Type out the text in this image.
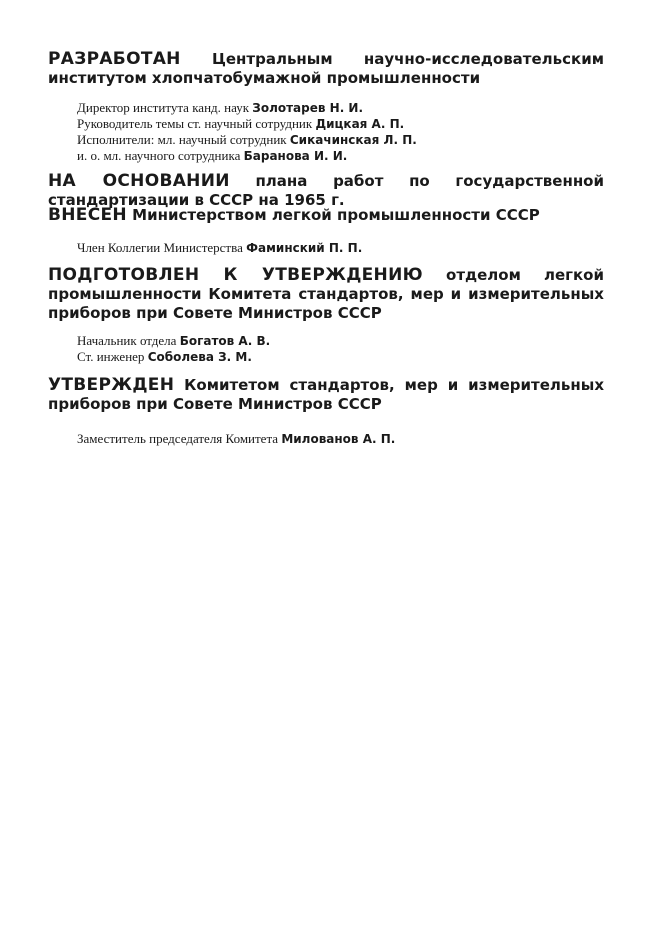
РАЗРАБОТАН Центральным научно-исследовательским институтом хлопчатобумажной промышленности

Директор института канд. наук Золотарев Н. И.
Руководитель темы ст. научный сотрудник Дицкая А. П.
Исполнители: мл. научный сотрудник Сикачинская Л. П.
и. о. мл. научного сотрудника Баранова И. И.

НА ОСНОВАНИИ плана работ по государственной стандартизации в СССР на 1965 г.

ВНЕСЕН Министерством легкой промышленности СССР

Член Коллегии Министерства Фаминский П. П.

ПОДГОТОВЛЕН К УТВЕРЖДЕНИЮ отделом легкой промышленности Комитета стандартов, мер и измерительных приборов при Совете Министров СССР

Начальник отдела Богатов А. В.
Ст. инженер Соболева З. М.

УТВЕРЖДЕН Комитетом стандартов, мер и измерительных приборов при Совете Министров СССР

Заместитель председателя Комитета Милованов А. П.
